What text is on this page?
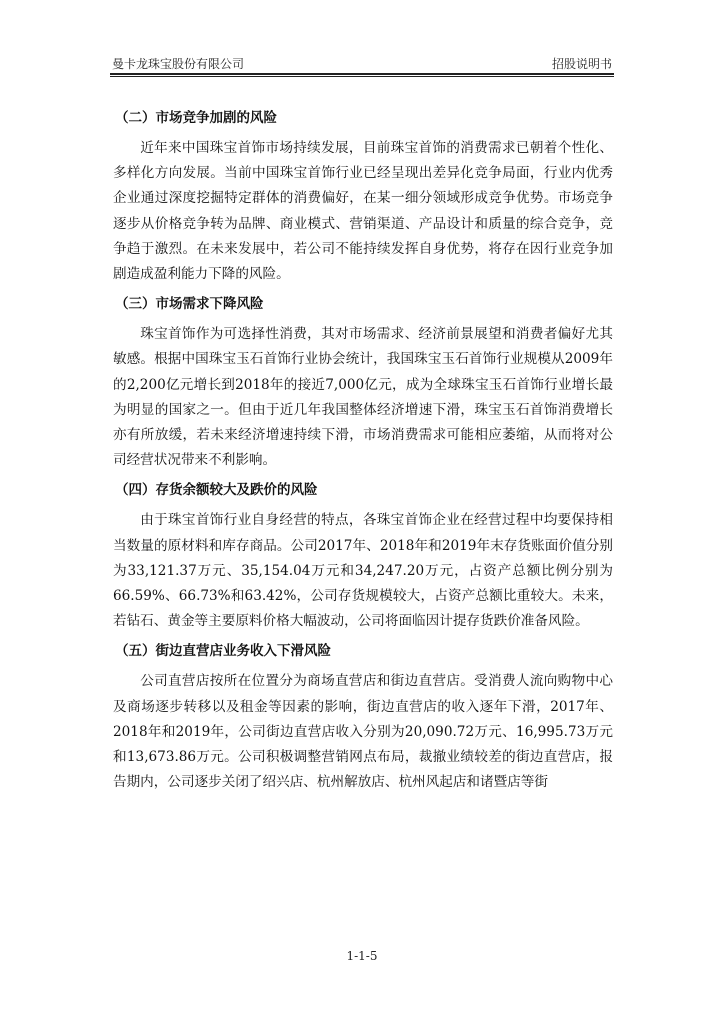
曼卡龙珠宝股份有限公司	招股说明书

（二）市场竞争加剧的风险

近年来中国珠宝首饰市场持续发展，目前珠宝首饰的消费需求已朝着个性化、多样化方向发展。当前中国珠宝首饰行业已经呈现出差异化竞争局面，行业内优秀企业通过深度挖掘特定群体的消费偏好，在某一细分领域形成竞争优势。市场竞争逐步从价格竞争转为品牌、商业模式、营销渠道、产品设计和质量的综合竞争，竞争趋于激烈。在未来发展中，若公司不能持续发挥自身优势，将存在因行业竞争加剧造成盈利能力下降的风险。

（三）市场需求下降风险

珠宝首饰作为可选择性消费，其对市场需求、经济前景展望和消费者偏好尤其敏感。根据中国珠宝玉石首饰行业协会统计，我国珠宝玉石首饰行业规模从2009年的2,200亿元增长到2018年的接近7,000亿元，成为全球珠宝玉石首饰行业增长最为明显的国家之一。但由于近几年我国整体经济增速下滑，珠宝玉石首饰消费增长亦有所放缓，若未来经济增速持续下滑，市场消费需求可能相应萎缩，从而将对公司经营状况带来不利影响。

（四）存货余额较大及跌价的风险

由于珠宝首饰行业自身经营的特点，各珠宝首饰企业在经营过程中均要保持相当数量的原材料和库存商品。公司2017年、2018年和2019年末存货账面价值分别为33,121.37万元、35,154.04万元和34,247.20万元，占资产总额比例分别为66.59%、66.73%和63.42%，公司存货规模较大，占资产总额比重较大。未来，若钻石、黄金等主要原料价格大幅波动，公司将面临因计提存货跌价准备风险。

（五）街边直营店业务收入下滑风险

公司直营店按所在位置分为商场直营店和街边直营店。受消费人流向购物中心及商场逐步转移以及租金等因素的影响，街边直营店的收入逐年下滑，2017年、2018年和2019年，公司街边直营店收入分别为20,090.72万元、16,995.73万元和13,673.86万元。公司积极调整营销网点布局，裁撤业绩较差的街边直营店，报告期内，公司逐步关闭了绍兴店、杭州解放店、杭州风起店和诸暨店等街

1-1-5
